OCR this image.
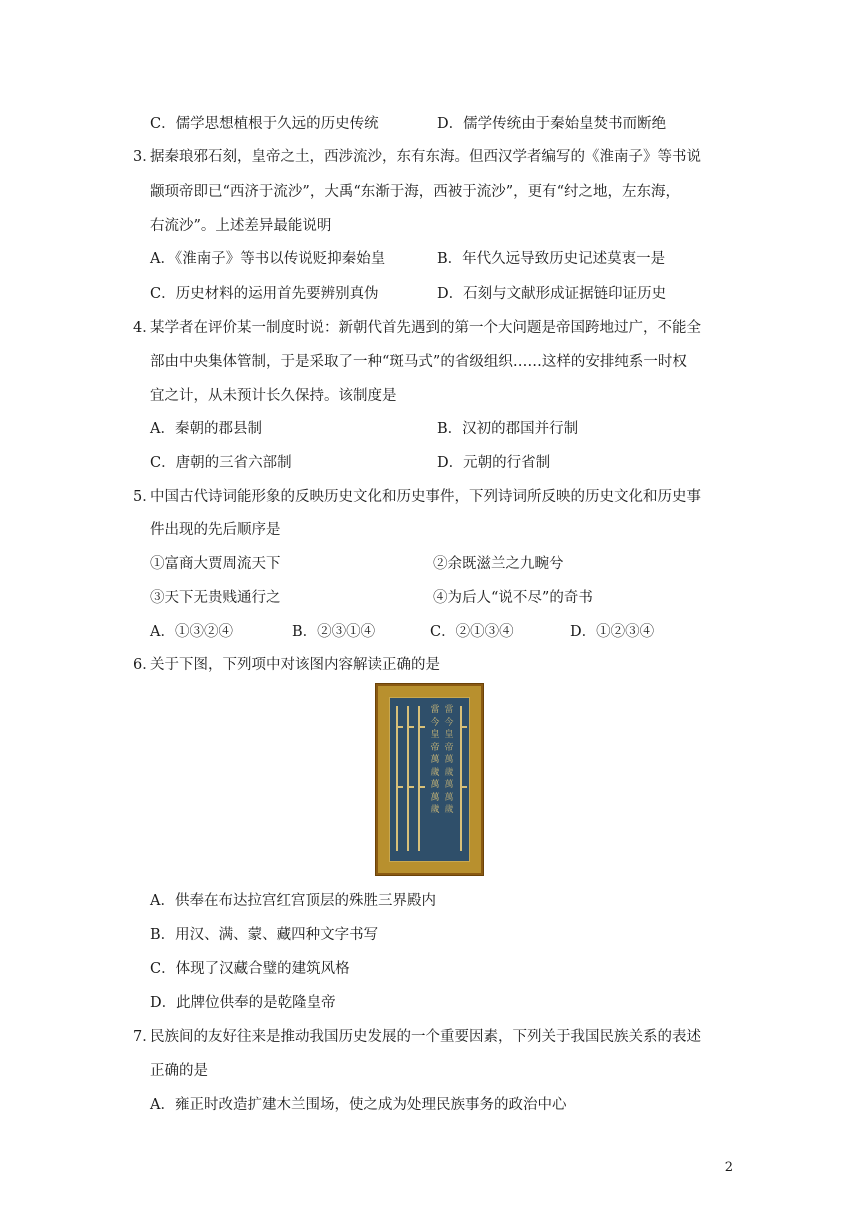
C．儒学思想植根于久远的历史传统	D．儒学传统由于秦始皇焚书而断绝
3．
据秦琅邪石刻，皇帝之土，西涉流沙，东有东海。但西汉学者编写的《淮南子》等书说
颛顼帝即已“西济于流沙”，大禹“东渐于海，西被于流沙”，更有“纣之地，左东海，
右流沙”。上述差异最能说明
A．《淮南子》等书以传说贬抑秦始皇	B．年代久远导致历史记述莫衷一是
C．历史材料的运用首先要辨别真伪	D．石刻与文献形成证据链印证历史
4．
某学者在评价某一制度时说：新朝代首先遇到的第一个大问题是帝国跨地过广，不能全
部由中央集体管制，于是采取了一种“斑马式”的省级组织……这样的安排纯系一时权
宜之计，从未预计长久保持。该制度是
A．秦朝的郡县制	B．汉初的郡国并行制
C．唐朝的三省六部制	D．元朝的行省制
5．
中国古代诗词能形象的反映历史文化和历史事件，下列诗词所反映的历史文化和历史事
件出现的先后顺序是
①富商大贾周流天下	②余既滋兰之九畹兮
③天下无贵贱通行之	④为后人“说不尽”的奇书
A．①③②④	B．②③①④	C．②①③④	D．①②③④
6．
关于下图，下列项中对该图内容解读正确的是
當今皇帝萬歲萬萬歲
當今皇帝萬歲萬萬歲
A．供奉在布达拉宫红宫顶层的殊胜三界殿内
B．用汉、满、蒙、藏四种文字书写
C．体现了汉藏合璧的建筑风格
D．此牌位供奉的是乾隆皇帝
7．
民族间的友好往来是推动我国历史发展的一个重要因素，下列关于我国民族关系的表述
正确的是
A．雍正时改造扩建木兰围场，使之成为处理民族事务的政治中心
2
